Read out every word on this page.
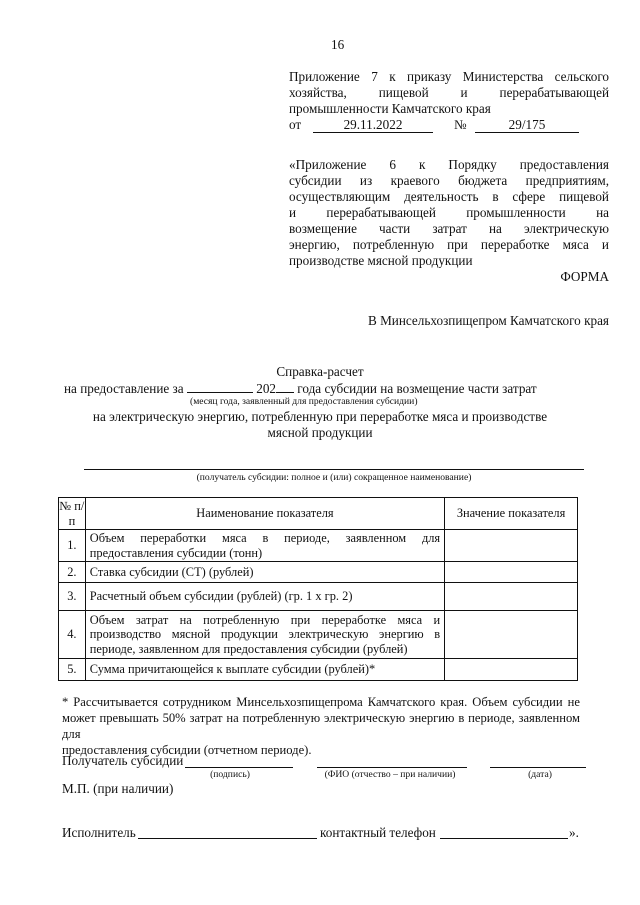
16
Приложение 7 к приказу Министерства сельского
хозяйства, пищевой и перерабатывающей
промышленности Камчатского края
от	29.11.2022	№	29/175
«Приложение 6 к Порядку предоставления
субсидии из краевого бюджета предприятиям,
осуществляющим деятельность в сфере пищевой
и перерабатывающей промышленности на
возмещение части затрат на электрическую
энергию, потребленную при переработке мяса и
производстве мясной продукции
ФОРМА
В Минсельхозпищепром Камчатского края
Справка-расчет
на предоставление за	202 года субсидии на возмещение части затрат
(месяц года, заявленный для предоставления субсидии)
на электрическую энергию, потребленную при переработке мяса и производстве
мясной продукции
(получатель субсидии: полное и (или) сокращенное наименование)
№ п/п	Наименование показателя	Значение показателя
1.	Объем переработки мяса в периоде, заявленном для предоставления субсидии (тонн)	
2.	Ставка субсидии (СТ) (рублей)	
3.	Расчетный объем субсидии (рублей) (гр. 1 х гр. 2)	
4.	Объем затрат на потребленную при переработке мяса и производство мясной продукции электрическую энергию в периоде, заявленном для предоставления субсидии (рублей)	
5.	Сумма причитающейся к выплате субсидии (рублей)*	
* Рассчитывается сотрудником Минсельхозпищепрома Камчатского края. Объем субсидии не
может превышать 50% затрат на потребленную электрическую энергию в периоде, заявленном для
предоставления субсидии (отчетном периоде).
Получатель субсидии
(подпись)	(ФИО (отчество – при наличии)	(дата)
М.П. (при наличии)
Исполнитель	контактный телефон	».
